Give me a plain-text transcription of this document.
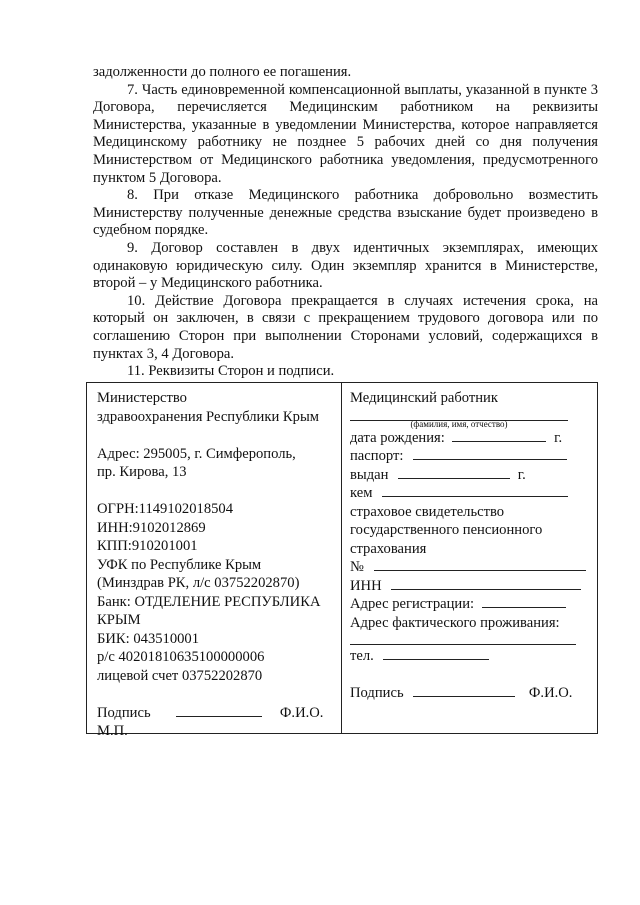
задолженности до полного ее погашения.

7. Часть единовременной компенсационной выплаты, указанной в пункте 3 Договора, перечисляется Медицинским работником на реквизиты Министерства, указанные в уведомлении Министерства, которое направляется Медицинскому работнику не позднее 5 рабочих дней со дня получения Министерством от Медицинского работника уведомления, предусмотренного пунктом 5 Договора.

8. При отказе Медицинского работника добровольно возместить Министерству полученные денежные средства взыскание будет произведено в судебном порядке.

9. Договор составлен в двух идентичных экземплярах, имеющих одинаковую юридическую силу. Один экземпляр хранится в Министерстве, второй – у Медицинского работника.

10. Действие Договора прекращается в случаях истечения срока, на который он заключен, в связи с прекращением трудового договора или по соглашению Сторон при выполнении Сторонами условий, содержащихся в пунктах 3, 4 Договора.

11. Реквизиты Сторон и подписи.

Министерство
здравоохранения Республики Крым
Адрес: 295005, г. Симферополь,
пр. Кирова, 13
ОГРН:1149102018504
ИНН:9102012869
КПП:910201001
УФК по Республике Крым
(Минздрав РК, л/с 03752202870)
Банк: ОТДЕЛЕНИЕ РЕСПУБЛИКА
КРЫМ
БИК: 043510001
р/с 40201810635100000006
лицевой счет 03752202870
Подпись	Ф.И.О.
М.П.
Медицинский работник
(фамилия, имя, отчество)
дата рождения:	г.
паспорт:
выдан	г.
кем
страховое свидетельство
государственного пенсионного
страхования
№
ИНН
Адрес регистрации:
Адрес фактического проживания:
тел.
Подпись	Ф.И.О.
